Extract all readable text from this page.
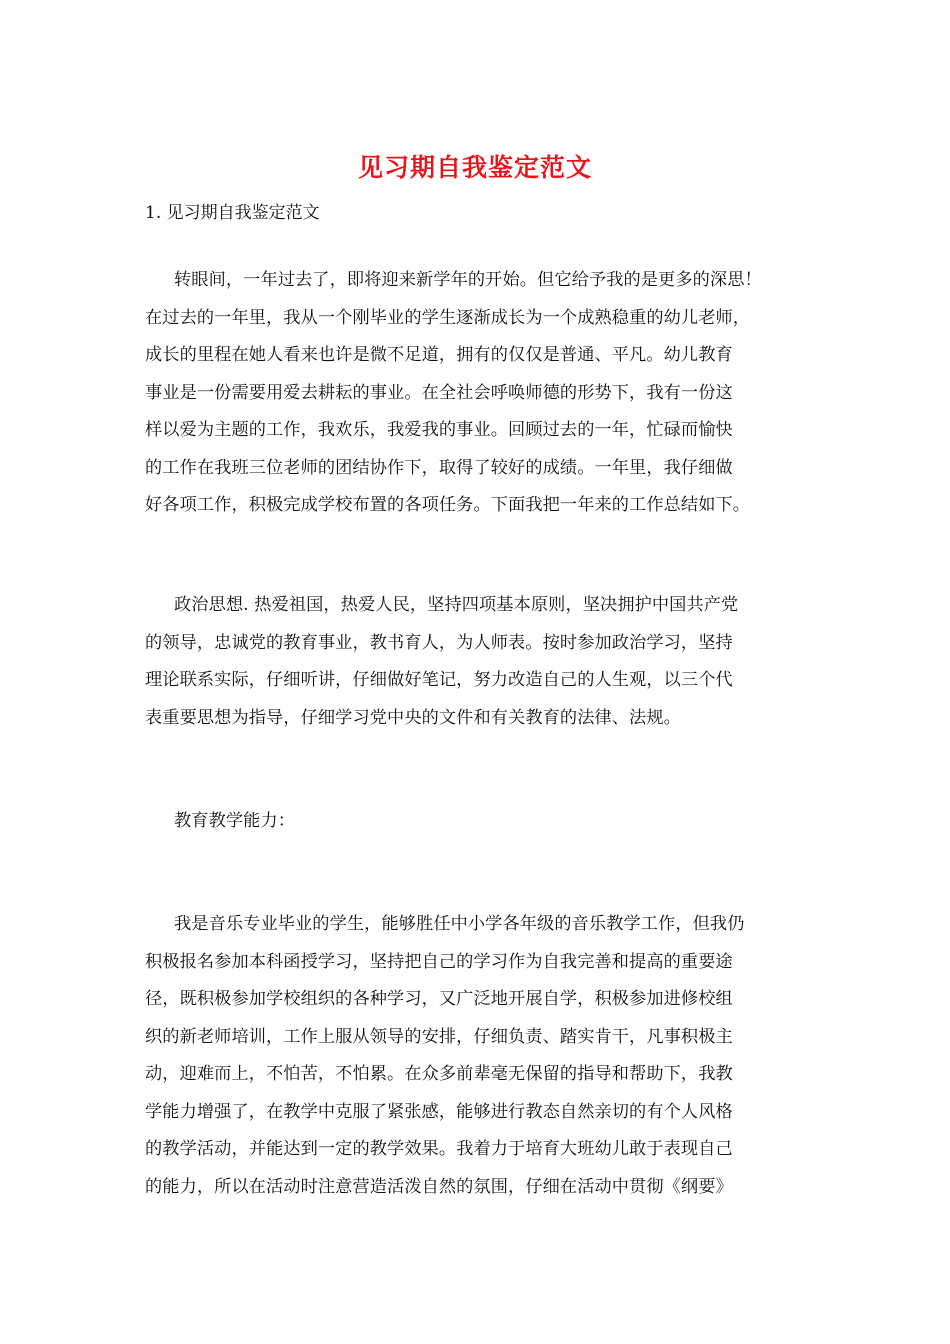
见习期自我鉴定范文
1. 见习期自我鉴定范文
转眼间，一年过去了，即将迎来新学年的开始。但它给予我的是更多的深思！
在过去的一年里，我从一个刚毕业的学生逐渐成长为一个成熟稳重的幼儿老师，
成长的里程在她人看来也许是微不足道，拥有的仅仅是普通、平凡。幼儿教育
事业是一份需要用爱去耕耘的事业。在全社会呼唤师德的形势下，我有一份这
样以爱为主题的工作，我欢乐，我爱我的事业。回顾过去的一年，忙碌而愉快
的工作在我班三位老师的团结协作下，取得了较好的成绩。一年里，我仔细做
好各项工作，积极完成学校布置的各项任务。下面我把一年来的工作总结如下。
政治思想. 热爱祖国，热爱人民，坚持四项基本原则，坚决拥护中国共产党
的领导，忠诚党的教育事业，教书育人，为人师表。按时参加政治学习，坚持
理论联系实际，仔细听讲，仔细做好笔记，努力改造自己的人生观，以三个代
表重要思想为指导，仔细学习党中央的文件和有关教育的法律、法规。
教育教学能力：
我是音乐专业毕业的学生，能够胜任中小学各年级的音乐教学工作，但我仍
积极报名参加本科函授学习，坚持把自己的学习作为自我完善和提高的重要途
径，既积极参加学校组织的各种学习，又广泛地开展自学，积极参加进修校组
织的新老师培训，工作上服从领导的安排，仔细负责、踏实肯干，凡事积极主
动，迎难而上，不怕苦，不怕累。在众多前辈毫无保留的指导和帮助下，我教
学能力增强了，在教学中克服了紧张感，能够进行教态自然亲切的有个人风格
的教学活动，并能达到一定的教学效果。我着力于培育大班幼儿敢于表现自己
的能力，所以在活动时注意营造活泼自然的氛围，仔细在活动中贯彻《纲要》
